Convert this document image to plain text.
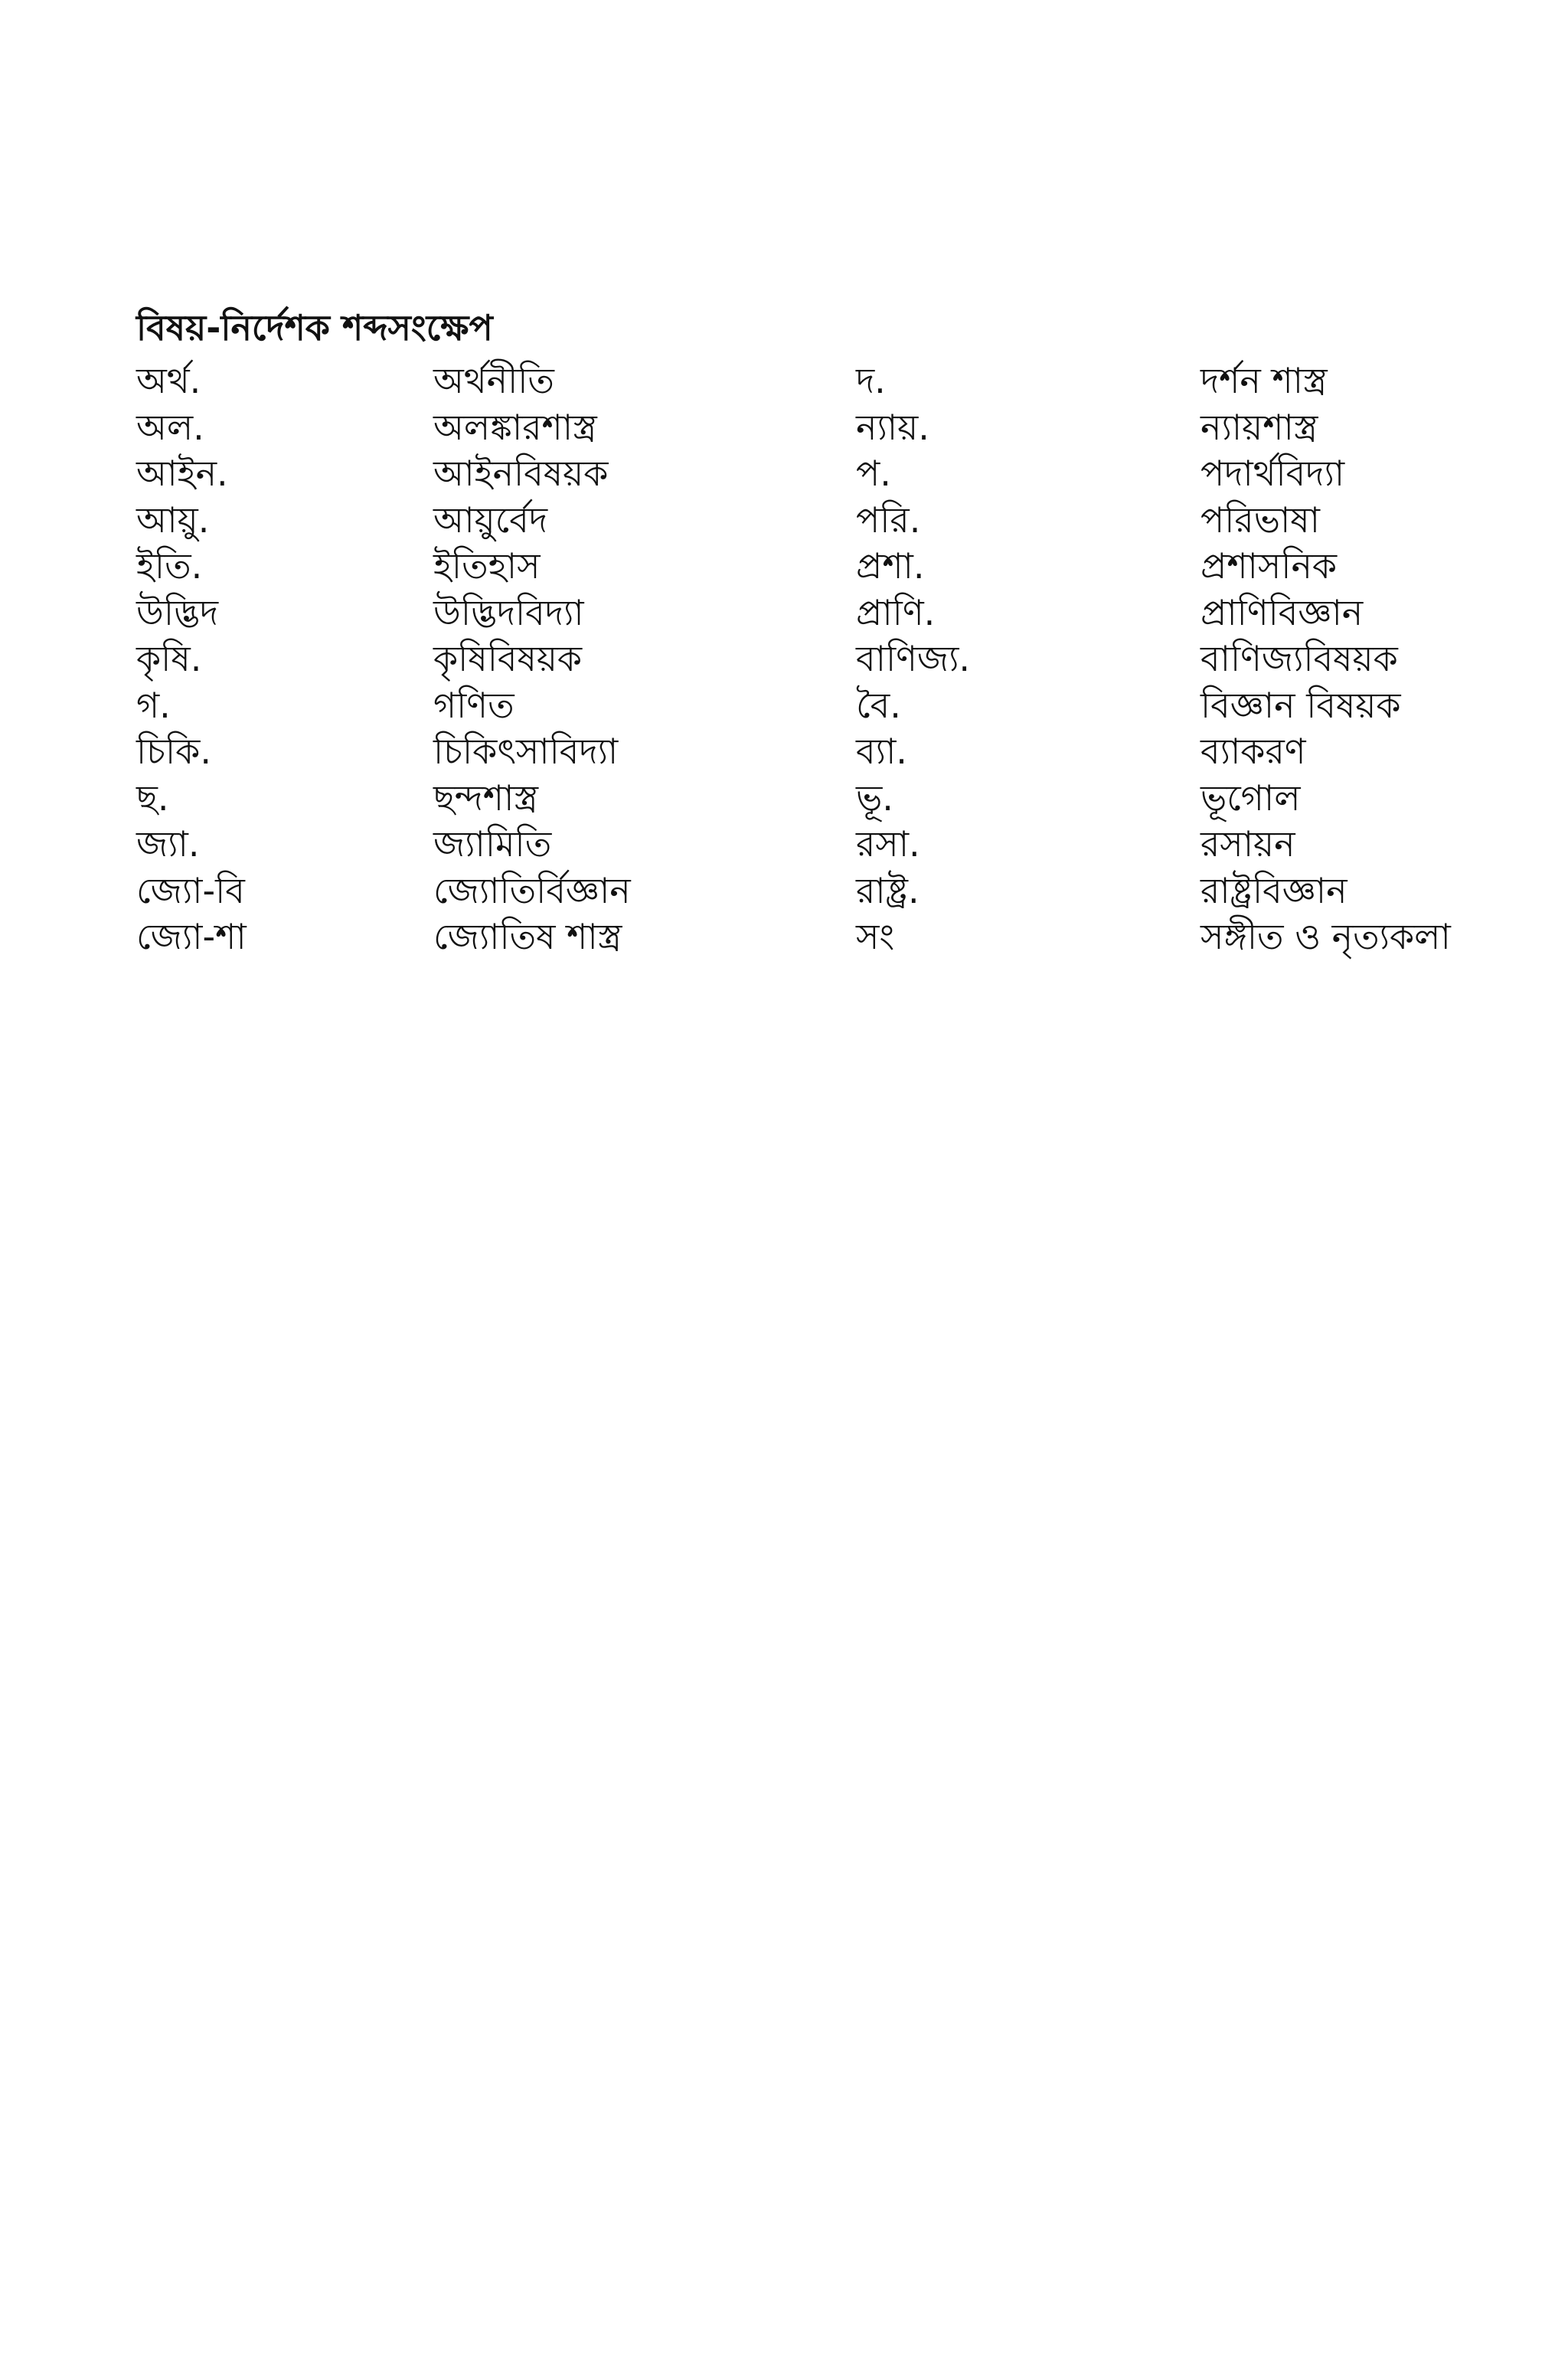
বিষয়-নির্দেশক শব্দসংক্ষেপ
অর্থ.	অর্থনীতি	দ.	দর্শন শাস্ত্র
অল.	অলঙ্কারশাস্ত্র	ন্যায়.	ন্যায়শাস্ত্র
আইন.	আইনবিষয়ক	প.	পদার্থবিদ্যা
আয়ু.	আয়ুর্বেদ	পরি.	পরিভাষা
ইতি.	ইতিহাস	প্রশা.	প্রশাসনিক
উদ্ভিদ	উদ্ভিদবিদ্যা	প্রাণি.	প্রাণিবিজ্ঞান
কৃষি.	কৃষিবিষয়ক	বাণিজ্য.	বাণিজ্যবিষয়ক
গ.	গণিত	বৈ.	বিজ্ঞান বিষয়ক
চিকি.	চিকিৎসাবিদ্যা	ব্যা.	ব্যাকরণ
ছ.	ছন্দশাস্ত্র	ভূ.	ভূগোল
জ্যা.	জ্যামিতি	রসা.	রসায়ন
জ্যো-বি	জ্যোতির্বিজ্ঞান	রাষ্ট্র.	রাষ্ট্রবিজ্ঞান
জ্যো-শা	জ্যোতিষ শাস্ত্র	সং	সঙ্গীত ও নৃত্যকলা
